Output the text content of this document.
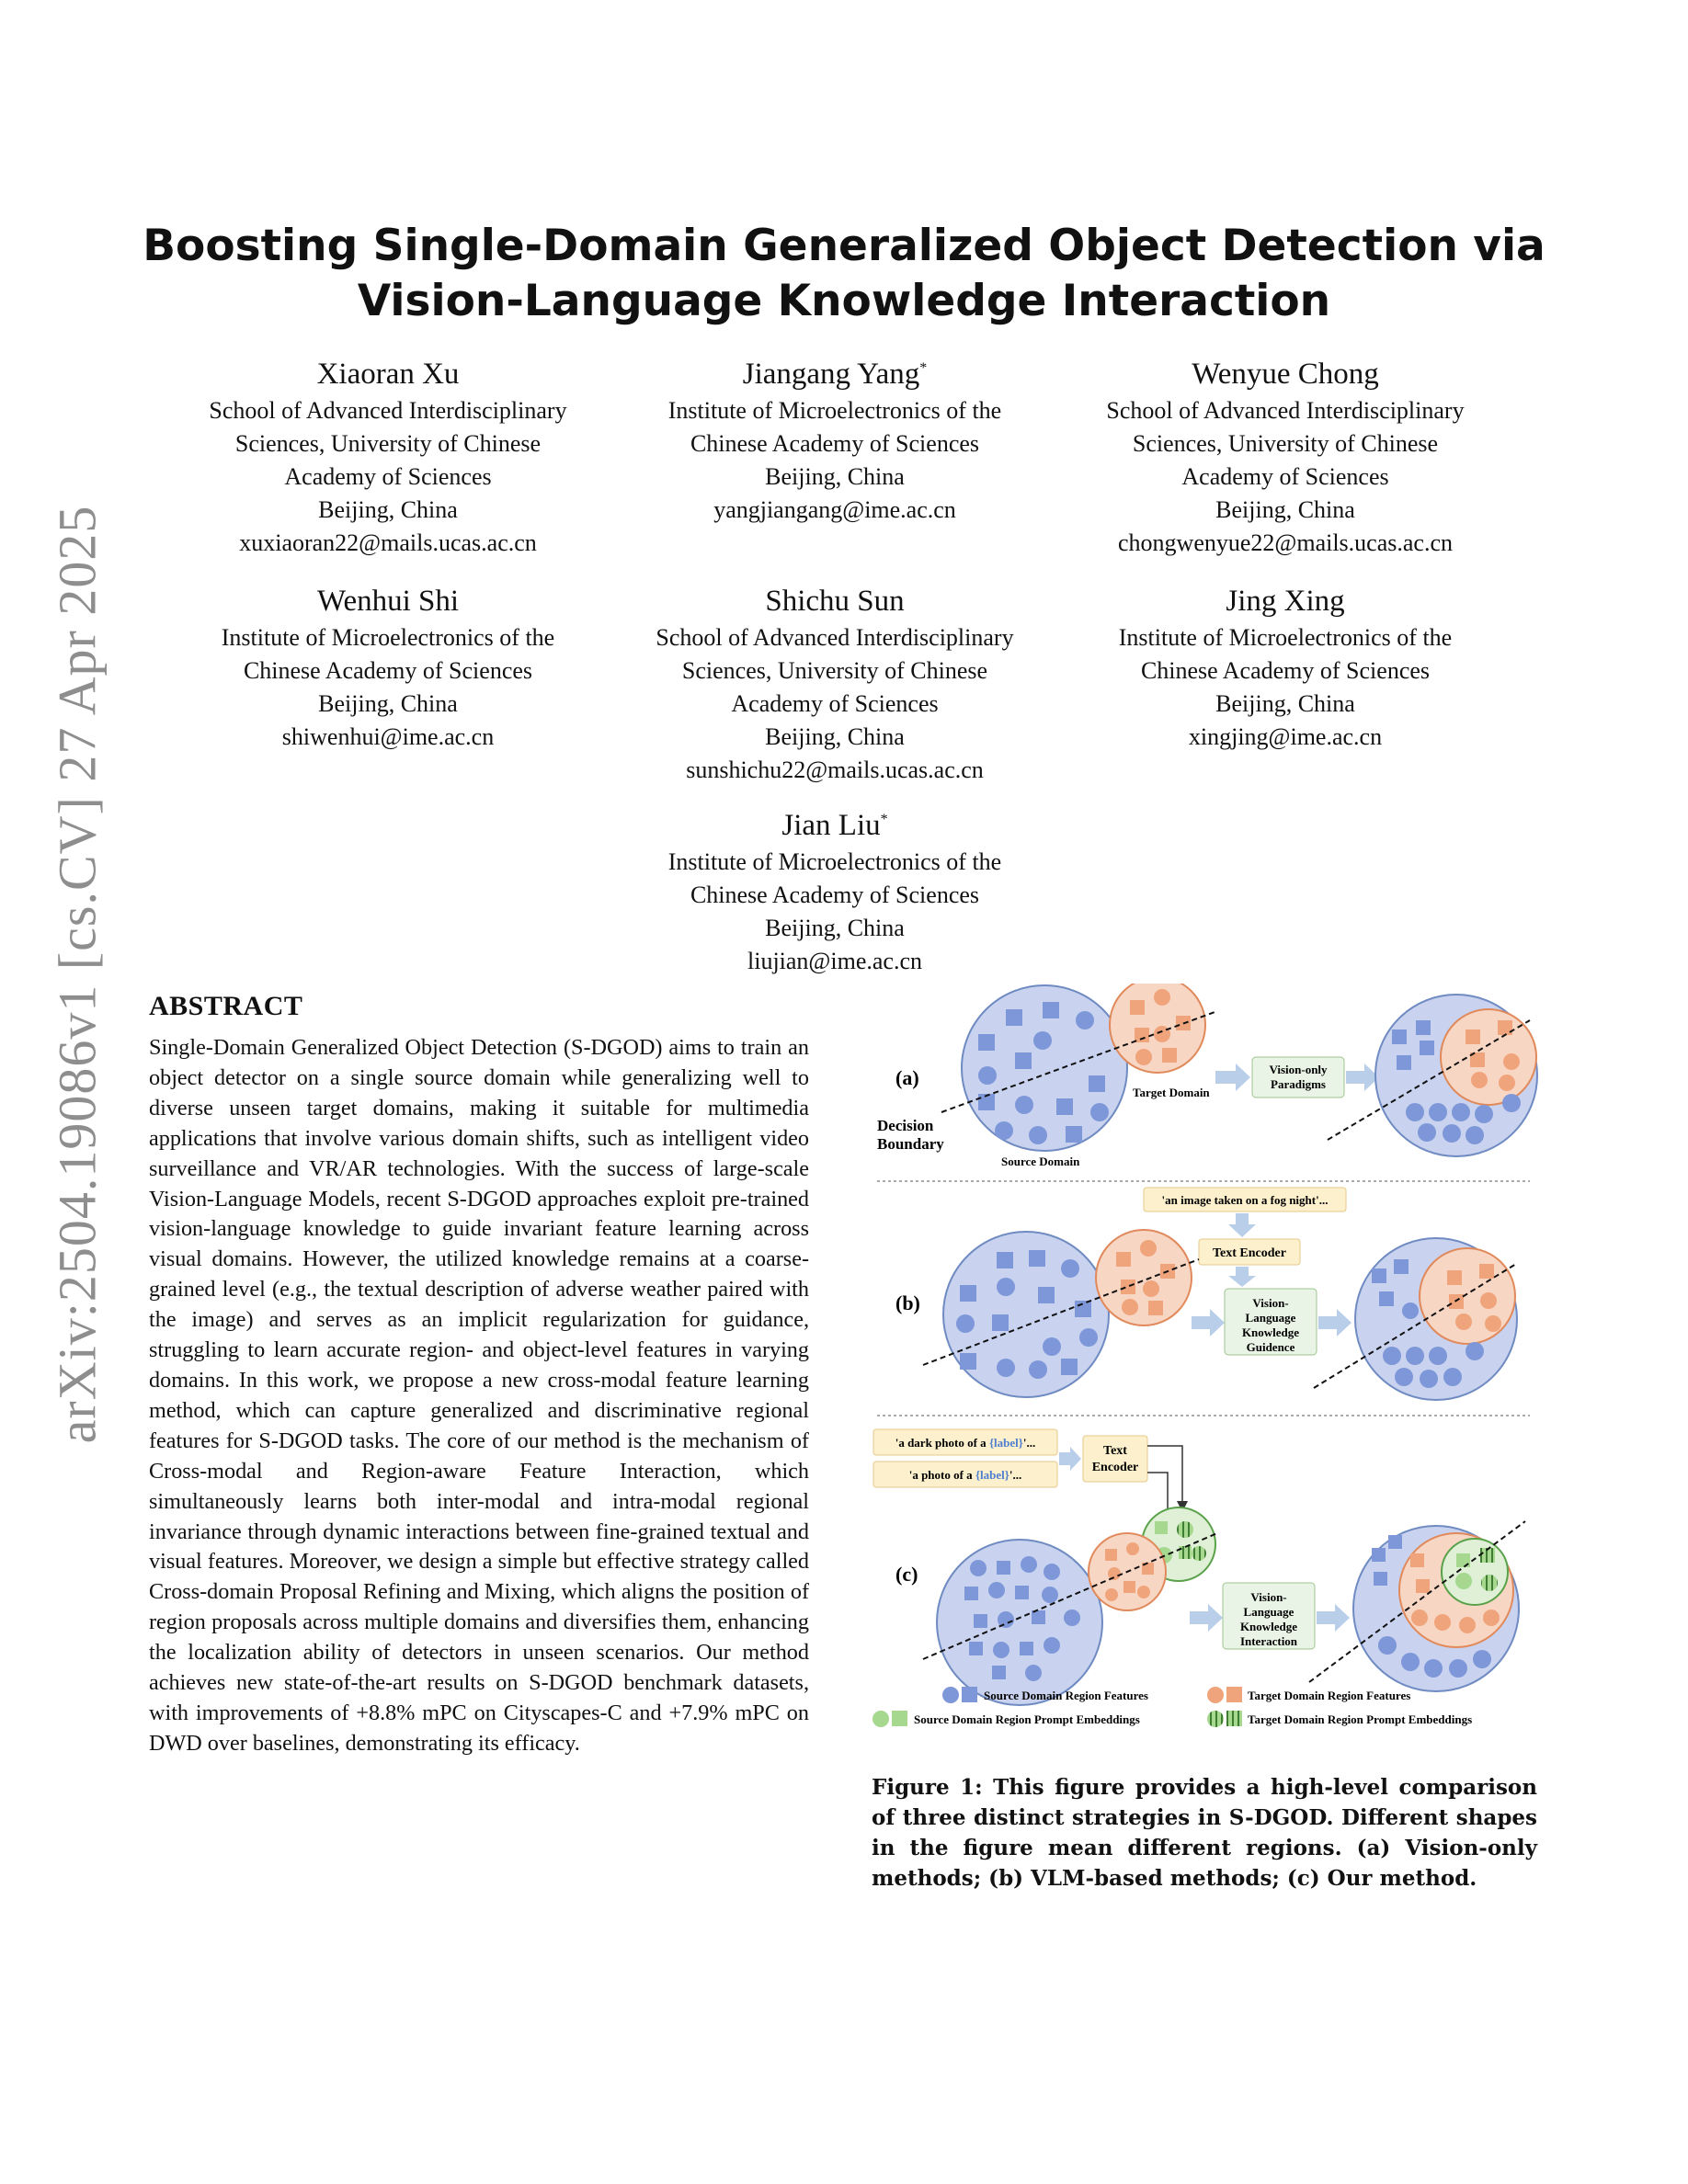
arXiv:2504.19086v1 [cs.CV] 27 Apr 2025
Boosting Single-Domain Generalized Object Detection via
Vision-Language Knowledge Interaction
Xiaoran Xu
School of Advanced Interdisciplinary
Sciences, University of Chinese
Academy of Sciences
Beijing, China
xuxiaoran22@mails.ucas.ac.cn
Jiangang Yang*
Institute of Microelectronics of the
Chinese Academy of Sciences
Beijing, China
yangjiangang@ime.ac.cn
Wenyue Chong
School of Advanced Interdisciplinary
Sciences, University of Chinese
Academy of Sciences
Beijing, China
chongwenyue22@mails.ucas.ac.cn
Wenhui Shi
Institute of Microelectronics of the
Chinese Academy of Sciences
Beijing, China
shiwenhui@ime.ac.cn
Shichu Sun
School of Advanced Interdisciplinary
Sciences, University of Chinese
Academy of Sciences
Beijing, China
sunshichu22@mails.ucas.ac.cn
Jing Xing
Institute of Microelectronics of the
Chinese Academy of Sciences
Beijing, China
xingjing@ime.ac.cn
Jian Liu*
Institute of Microelectronics of the
Chinese Academy of Sciences
Beijing, China
liujian@ime.ac.cn
ABSTRACT

Single-Domain Generalized Object Detection (S-DGOD) aims to train an object detector on a single source domain while generalizing well to diverse unseen target domains, making it suitable for multimedia applications that involve various domain shifts, such as intelligent video surveillance and VR/AR technologies. With the success of large-scale Vision-Language Models, recent S-DGOD approaches exploit pre-trained vision-language knowledge to guide invariant feature learning across visual domains. However, the utilized knowledge remains at a coarse-grained level (e.g., the textual description of adverse weather paired with the image) and serves as an implicit regularization for guidance, struggling to learn accurate region- and object-level features in varying domains. In this work, we propose a new cross-modal feature learning method, which can capture generalized and discriminative regional features for S-DGOD tasks. The core of our method is the mechanism of Cross-modal and Region-aware Feature Interaction, which simultaneously learns both inter-modal and intra-modal regional invariance through dynamic interactions between fine-grained textual and visual features. Moreover, we design a simple but effective strategy called Cross-domain Proposal Refining and Mixing, which aligns the position of region proposals across multiple domains and diversifies them, enhancing the localization ability of detectors in unseen scenarios. Our method achieves new state-of-the-art results on S-DGOD benchmark datasets, with improvements of +8.8% mPC on Cityscapes-C and +7.9% mPC on DWD over baselines, demonstrating its efficacy.

(a)
Target Domain
Source Domain
Decision
Boundary
Vision-only
Paradigms
(b)
'an image taken on a fog night'...
Text Encoder
Vision-
Language
Knowledge
Guidence
(c)
'a dark photo of a {label}'...
'a photo of a {label}'...
Text
Encoder
Vision-
Language
Knowledge
Interaction
Source Domain Region Features	Target Domain Region Features
Source Domain Region Prompt Embeddings	Target Domain Region Prompt Embeddings

Figure 1: This figure provides a high-level comparison of three distinct strategies in S-DGOD. Different shapes in the figure mean different regions. (a) Vision-only methods; (b) VLM-based methods; (c) Our method.
